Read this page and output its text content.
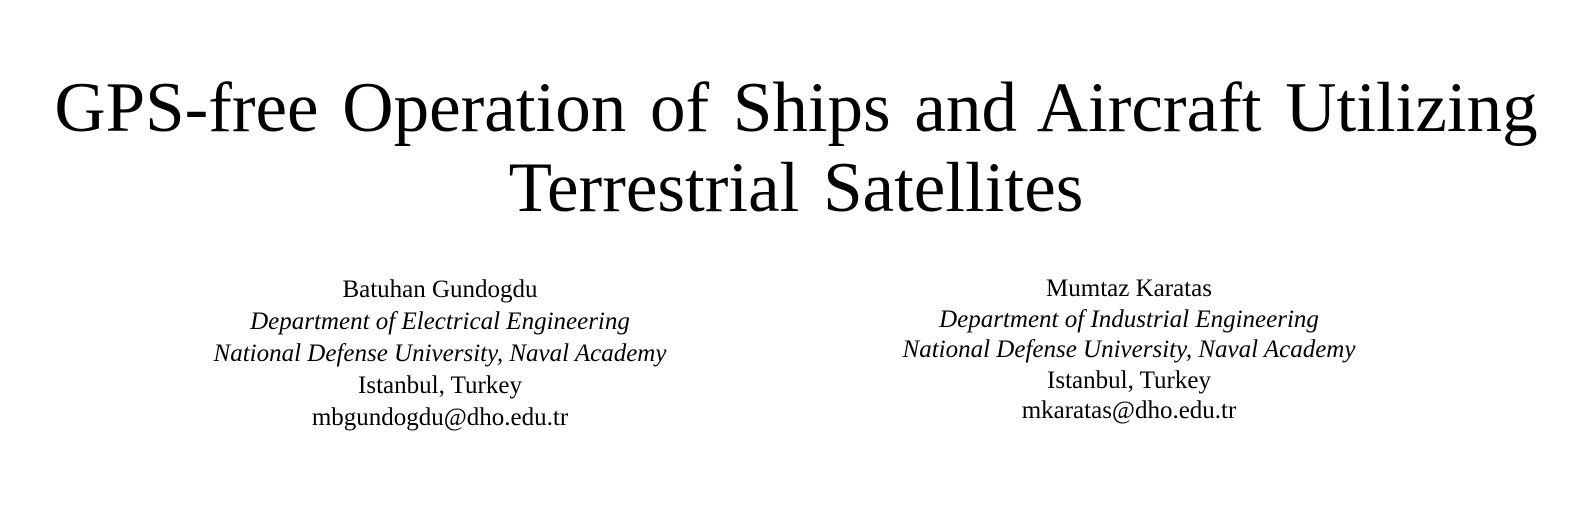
GPS-free Operation of Ships and Aircraft Utilizing
Terrestrial Satellites
Batuhan Gundogdu
Department of Electrical Engineering
National Defense University, Naval Academy
Istanbul, Turkey
mbgundogdu@dho.edu.tr
Mumtaz Karatas
Department of Industrial Engineering
National Defense University, Naval Academy
Istanbul, Turkey
mkaratas@dho.edu.tr
